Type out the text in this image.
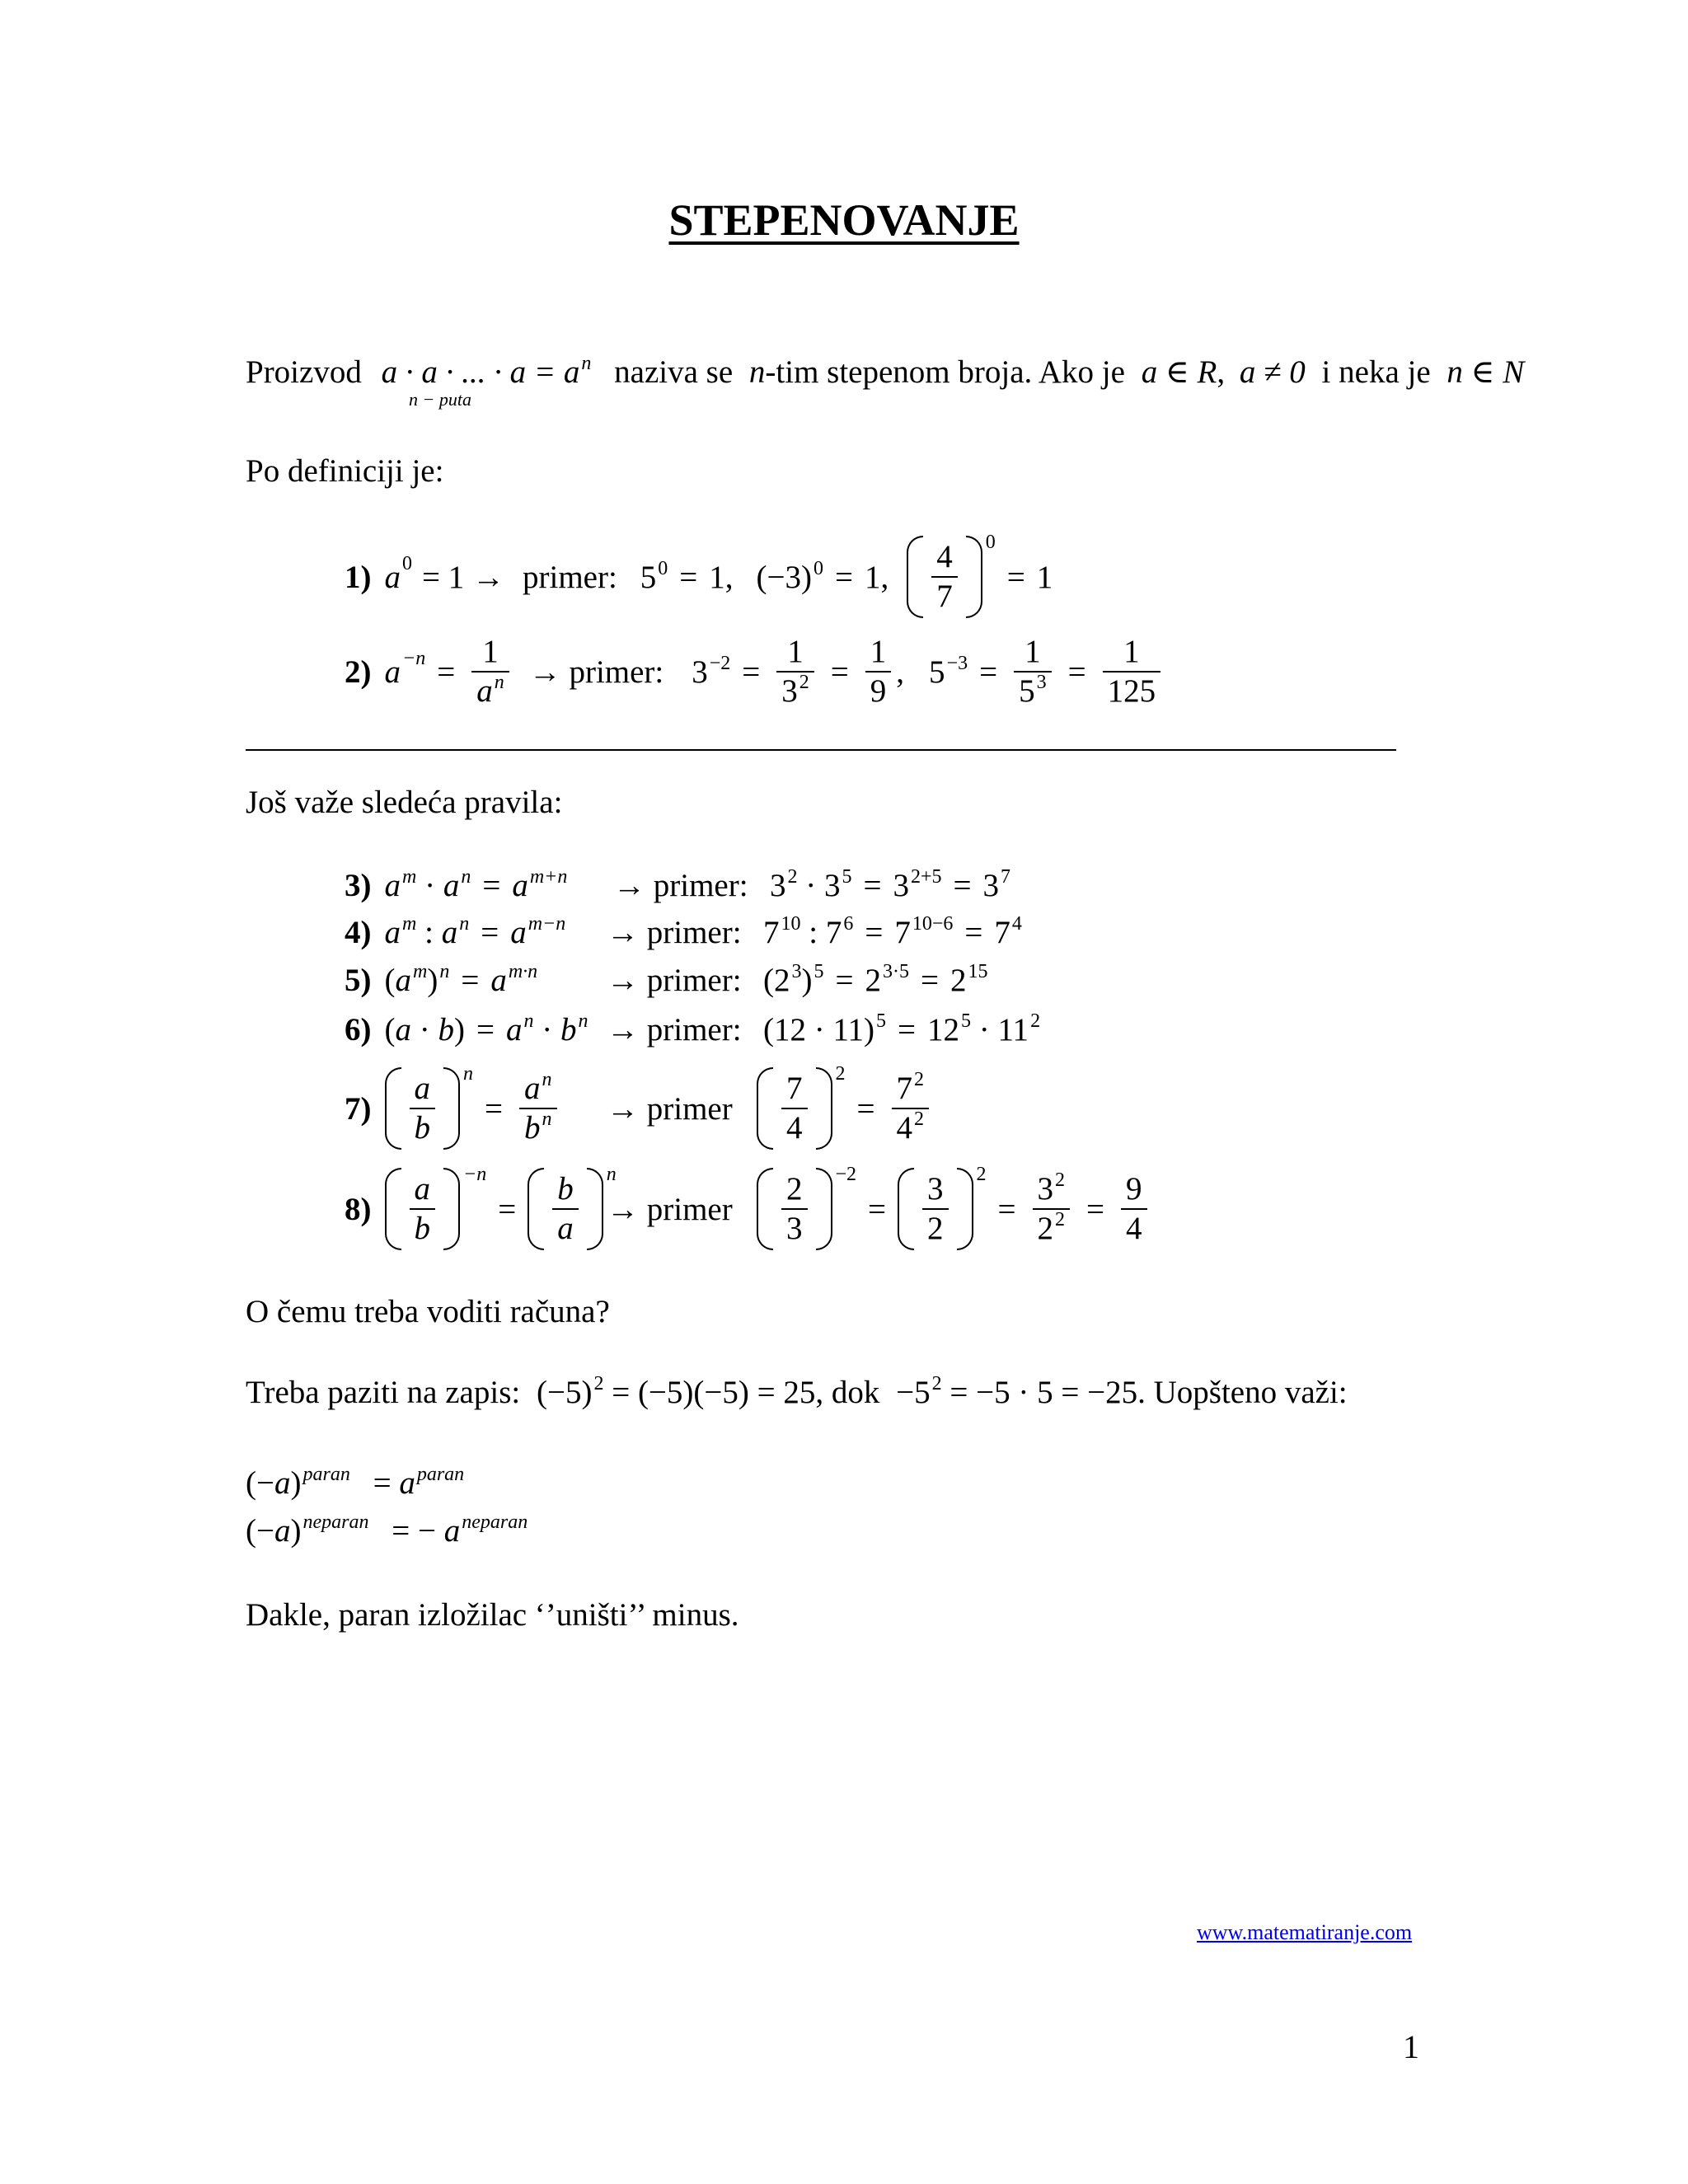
STEPENOVANJE
Proizvod a · a · ... · $a = a^n$ naziva se n-tim stepenom broja. Ako je a ∈ R, a ≠ 0 i neka je n ∈ N
n − puta
Po definiciji je:
1) $a^0 = 1$ → primer: $5^0 = 1$, $(-3)^0 = 1$, $\frac{4}{7} 0$
= 1
2) $a^{-n} = \frac{1}{a^n}$ → primer: $3^{-2} = \frac{1}{3^2} = \frac{1}{9}$ , $5^{-3} = \frac{1}{5^3} = \frac{1}{125}$
Još važe sledeća pravila:
3) $a^m \cdot a^n = a^{m+n}$ → primer: $3^2 \cdot 3^5 = 3^{2+5} = 3^7$
4) $a^m$ : $a^n = a^{m-n}$ → primer: $7^{10}$ : $7^6 = 7^{10-6} = 7^4$
5) $(a^m)^n = a^{m\cdot n}$ → primer: $(2^3)^5 = 2^{3\cdot 5} = 2^{15}$
6) $(a \cdot b) = a^n \cdot b^n$ → primer: $(12 \cdot 11)^5 = 12^5 \cdot 11^2$
$7) \frac{a}{b}$ n
= $\frac{a^n}{b^n}$ → primer $\frac{7}{4} 2$
= $\frac{7^2}{4^2}$
$8) \frac{a}{b} -n$
= $\frac{b}{a}$ n
→ primer $\frac{2}{3} -2$
= $\frac{3}{2} 2$
= $\frac{3^2}{2^2} = \frac{9}{4}$
O čemu treba voditi računa?
Treba paziti na zapis: $(-5)^2 = (-5)(-5) = 25$, dok $-5^2 = -5 \cdot 5 = -25$. Uopšteno važi:
$(-a)^{paran} = a^{paran}$
$(-a)^{neparan}$ = − $a^{neparan}$
Dakle, paran izložilac ‘’uništi’’ minus.
www.matematiranje.com
1
